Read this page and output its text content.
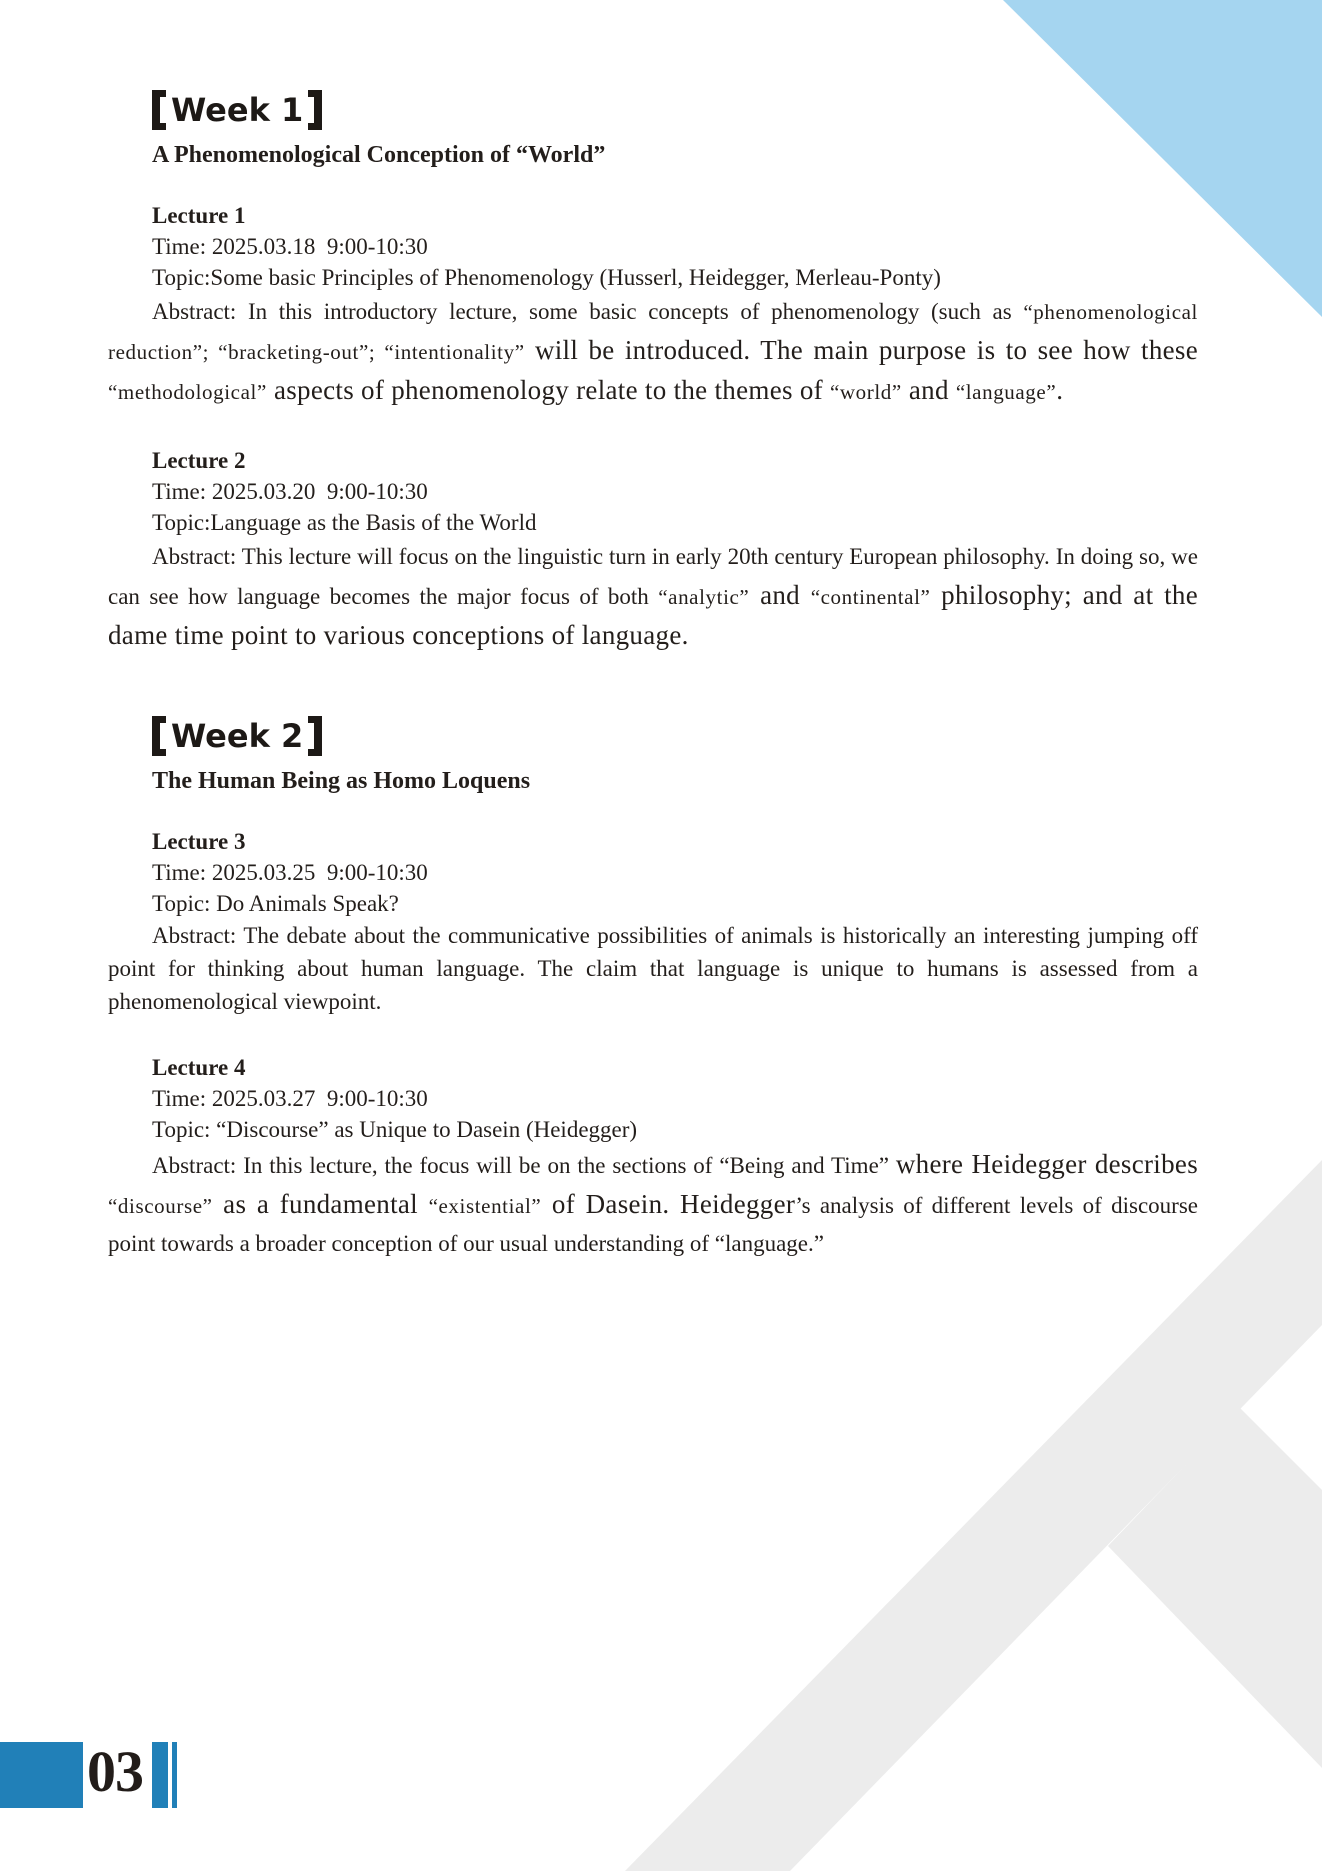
Week 1
A Phenomenological Conception of “World”
Lecture 1
Time: 2025.03.18 9:00-10:30
Topic:Some basic Principles of Phenomenology (Husserl, Heidegger, Merleau-Ponty)
Abstract: In this introductory lecture, some basic concepts of phenomenology (such as “phenomenological reduction”; “bracketing-out”; “intentionality” will be introduced. The main purpose is to see how these “methodological” aspects of phenomenology relate to the themes of “world” and “language”.
Lecture 2
Time: 2025.03.20 9:00-10:30
Topic:Language as the Basis of the World
Abstract: This lecture will focus on the linguistic turn in early 20th century European philosophy. In doing so, we can see how language becomes the major focus of both “analytic” and “continental” philosophy; and at the dame time point to various conceptions of language.
Week 2
The Human Being as Homo Loquens
Lecture 3
Time: 2025.03.25 9:00-10:30
Topic: Do Animals Speak?
Abstract: The debate about the communicative possibilities of animals is historically an interesting jumping off point for thinking about human language. The claim that language is unique to humans is assessed from a phenomenological viewpoint.
Lecture 4
Time: 2025.03.27 9:00-10:30
Topic: “Discourse” as Unique to Dasein (Heidegger)
Abstract: In this lecture, the focus will be on the sections of “Being and Time” where Heidegger describes “discourse” as a fundamental “existential” of Dasein. Heidegger’s analysis of different levels of discourse point towards a broader conception of our usual understanding of “language.”
03
